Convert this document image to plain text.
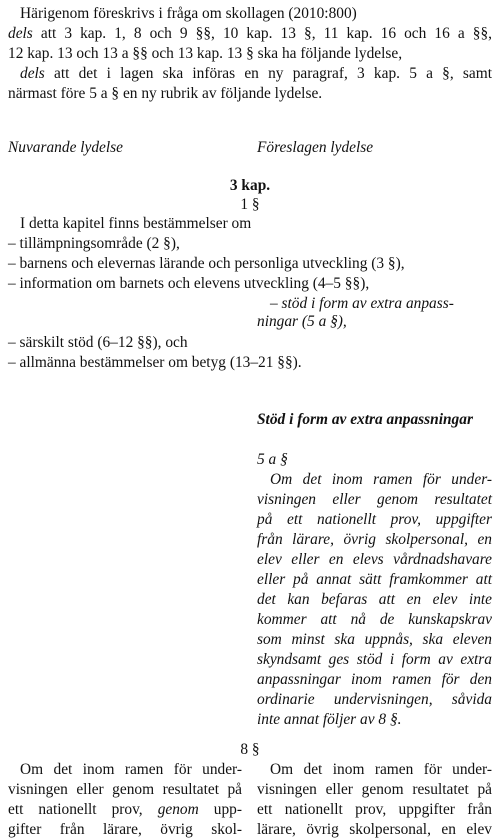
Härigenom föreskrivs i fråga om skollagen (2010:800)
dels att 3 kap. 1, 8 och 9 §§, 10 kap. 13 §, 11 kap. 16 och 16 a §§,
12 kap. 13 och 13 a §§ och 13 kap. 13 § ska ha följande lydelse,
dels att det i lagen ska införas en ny paragraf, 3 kap. 5 a §, samt
närmast före 5 a § en ny rubrik av följande lydelse.
Nuvarande lydelse	Föreslagen lydelse
3 kap.
1 §
I detta kapitel finns bestämmelser om
– tillämpningsområde (2 §),
– barnens och elevernas lärande och personliga utveckling (3 §),
– information om barnets och elevens utveckling (4–5 §§),
– stöd i form av extra anpass-
ningar (5 a §),
– särskilt stöd (6–12 §§), och
– allmänna bestämmelser om betyg (13–21 §§).
Stöd i form av extra anpassningar
5 a §
Om det inom ramen för under-
visningen eller genom resultatet
på ett nationellt prov, uppgifter
från lärare, övrig skolpersonal, en
elev eller en elevs vårdnadshavare
eller på annat sätt framkommer att
det kan befaras att en elev inte
kommer att nå de kunskapskrav
som minst ska uppnås, ska eleven
skyndsamt ges stöd i form av extra
anpassningar inom ramen för den
ordinarie undervisningen, såvida
inte annat följer av 8 §.
8 §
Om det inom ramen för under-
visningen eller genom resultatet på
ett nationellt prov, genom upp-
gifter från lärare, övrig skol-
Om det inom ramen för under-
visningen eller genom resultatet på
ett nationellt prov, uppgifter från
lärare, övrig skolpersonal, en elev
